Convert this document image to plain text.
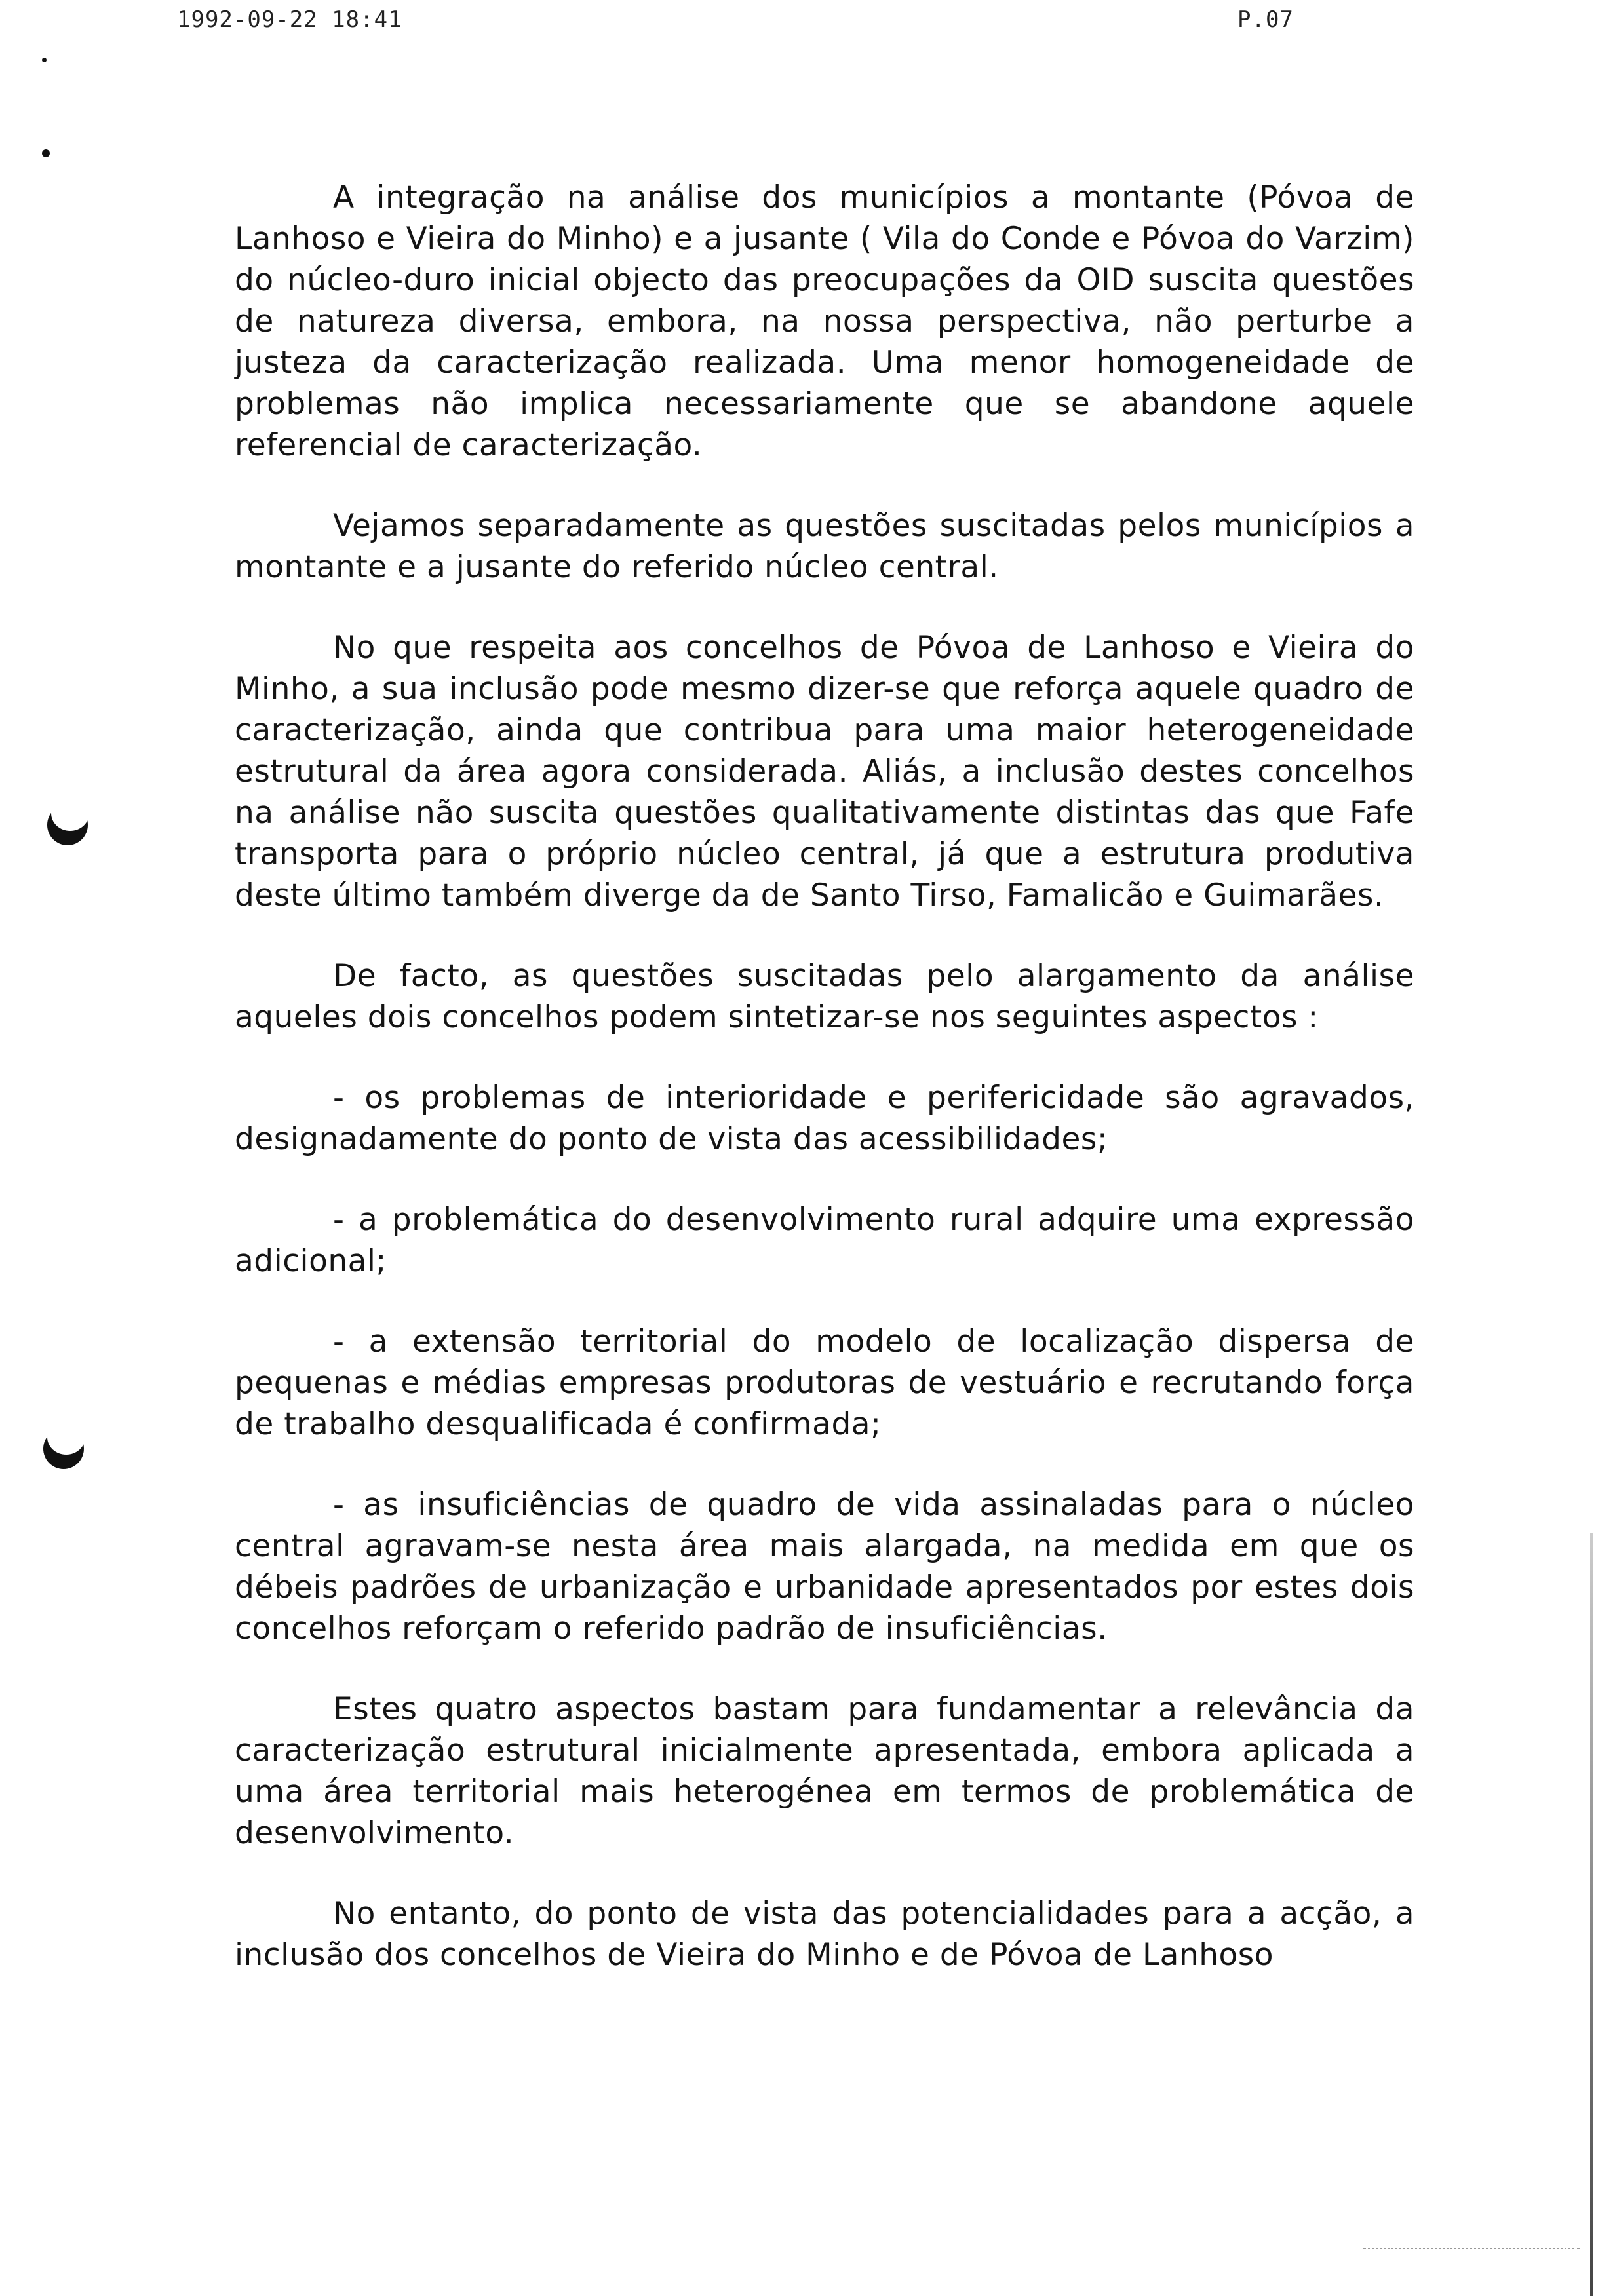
1992-09-22 18:41	P.07

A integração na análise dos municípios a montante (Póvoa de Lanhoso e Vieira do Minho) e a jusante ( Vila do Conde e Póvoa do Varzim) do núcleo-duro inicial objecto das preocupações da OID suscita questões de natureza diversa, embora, na nossa perspectiva, não perturbe a justeza da caracterização realizada. Uma menor homogeneidade de problemas não implica necessariamente que se abandone aquele referencial de caracterização.

Vejamos separadamente as questões suscitadas pelos municípios a montante e a jusante do referido núcleo central.

No que respeita aos concelhos de Póvoa de Lanhoso e Vieira do Minho, a sua inclusão pode mesmo dizer-se que reforça aquele quadro de caracterização, ainda que contribua para uma maior heterogeneidade estrutural da área agora considerada. Aliás, a inclusão destes concelhos na análise não suscita questões qualitativamente distintas das que Fafe transporta para o próprio núcleo central, já que a estrutura produtiva deste último também diverge da de Santo Tirso, Famalicão e Guimarães.

De facto, as questões suscitadas pelo alargamento da análise aqueles dois concelhos podem sintetizar-se nos seguintes aspectos :

- os problemas de interioridade e perifericidade são agravados, designadamente do ponto de vista das acessibilidades;

- a problemática do desenvolvimento rural adquire uma expressão adicional;

- a extensão territorial do modelo de localização dispersa de pequenas e médias empresas produtoras de vestuário e recrutando força de trabalho desqualificada é confirmada;

- as insuficiências de quadro de vida assinaladas para o núcleo central agravam-se nesta área mais alargada, na medida em que os débeis padrões de urbanização e urbanidade apresentados por estes dois concelhos reforçam o referido padrão de insuficiências.

Estes quatro aspectos bastam para fundamentar a relevância da caracterização estrutural inicialmente apresentada, embora aplicada a uma área territorial mais heterogénea em termos de problemática de desenvolvimento.

No entanto, do ponto de vista das potencialidades para a acção, a inclusão dos concelhos de Vieira do Minho e de Póvoa de Lanhoso
